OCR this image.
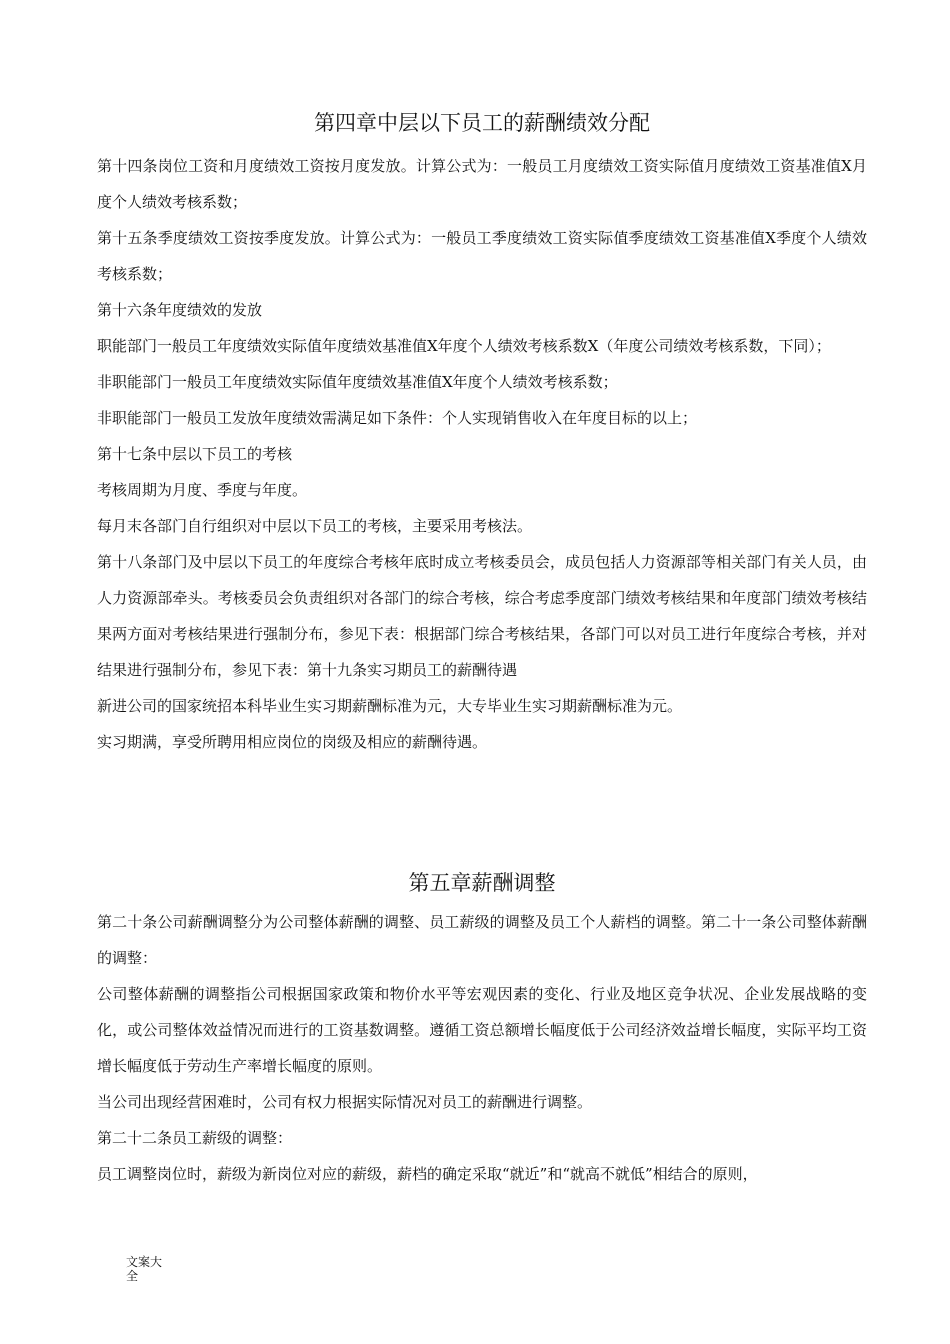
第四章中层以下员工的薪酬绩效分配

第十四条岗位工资和月度绩效工资按月度发放。计算公式为：一般员工月度绩效工资实际值月度绩效工资基准值X月度个人绩效考核系数；

第十五条季度绩效工资按季度发放。计算公式为：一般员工季度绩效工资实际值季度绩效工资基准值X季度个人绩效考核系数；

第十六条年度绩效的发放

职能部门一般员工年度绩效实际值年度绩效基准值X年度个人绩效考核系数X（年度公司绩效考核系数，下同）；

非职能部门一般员工年度绩效实际值年度绩效基准值X年度个人绩效考核系数；

非职能部门一般员工发放年度绩效需满足如下条件：个人实现销售收入在年度目标的以上；

第十七条中层以下员工的考核

考核周期为月度、季度与年度。

每月末各部门自行组织对中层以下员工的考核，主要采用考核法。

第十八条部门及中层以下员工的年度综合考核年底时成立考核委员会，成员包括人力资源部等相关部门有关人员，由人力资源部牵头。考核委员会负责组织对各部门的综合考核，综合考虑季度部门绩效考核结果和年度部门绩效考核结果两方面对考核结果进行强制分布，参见下表：根据部门综合考核结果，各部门可以对员工进行年度综合考核，并对结果进行强制分布，参见下表：第十九条实习期员工的薪酬待遇

新进公司的国家统招本科毕业生实习期薪酬标准为元，大专毕业生实习期薪酬标准为元。

实习期满，享受所聘用相应岗位的岗级及相应的薪酬待遇。

第五章薪酬调整

第二十条公司薪酬调整分为公司整体薪酬的调整、员工薪级的调整及员工个人薪档的调整。第二十一条公司整体薪酬的调整：

公司整体薪酬的调整指公司根据国家政策和物价水平等宏观因素的变化、行业及地区竞争状况、企业发展战略的变化，或公司整体效益情况而进行的工资基数调整。遵循工资总额增长幅度低于公司经济效益增长幅度，实际平均工资增长幅度低于劳动生产率增长幅度的原则。

当公司出现经营困难时，公司有权力根据实际情况对员工的薪酬进行调整。

第二十二条员工薪级的调整：

员工调整岗位时，薪级为新岗位对应的薪级，薪档的确定采取“就近”和“就高不就低”相结合的原则，

文案大全
